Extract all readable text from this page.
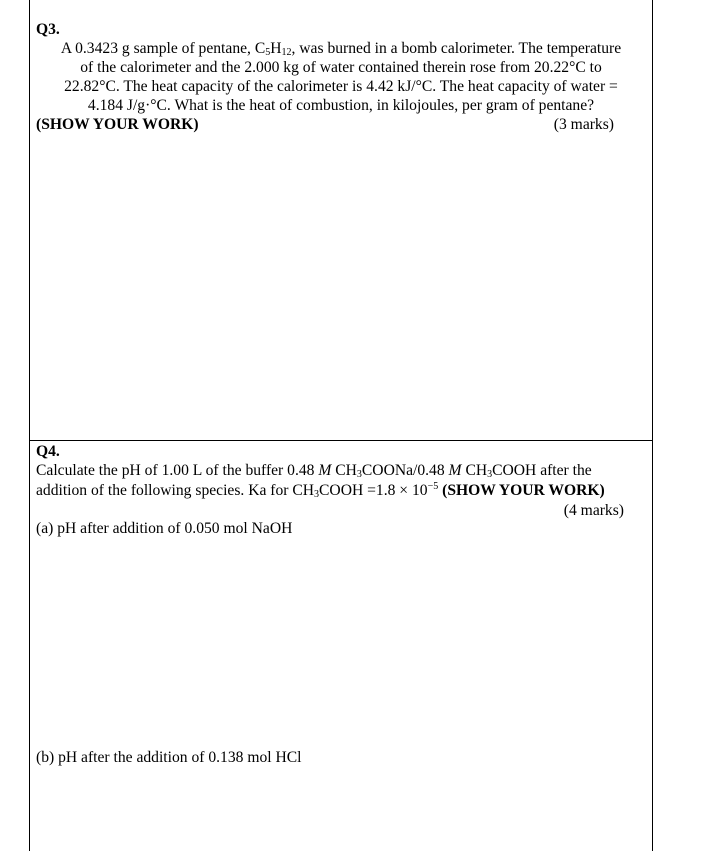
Q3.
A 0.3423 g sample of pentane, $C_5H_{12}$, was burned in a bomb calorimeter. The temperature
of the calorimeter and the 2.000 kg of water contained therein rose from 20.22°C to
22.82°C. The heat capacity of the calorimeter is 4.42 kJ/°C. The heat capacity of water =
4.184 J/g·°C. What is the heat of combustion, in kilojoules, per gram of pentane?
(SHOW YOUR WORK)	(3 marks)
Q4.
Calculate the pH of 1.00 L of the buffer 0.48 M $CH_3COONa/0.48$ M $CH_3COOH$ after the
addition of the following species. Ka for $CH_3COOH =1.8 \times 10^{-5}$ (SHOW YOUR WORK)
(4 marks)
(a) pH after addition of 0.050 mol NaOH
(b) pH after the addition of 0.138 mol HCl
